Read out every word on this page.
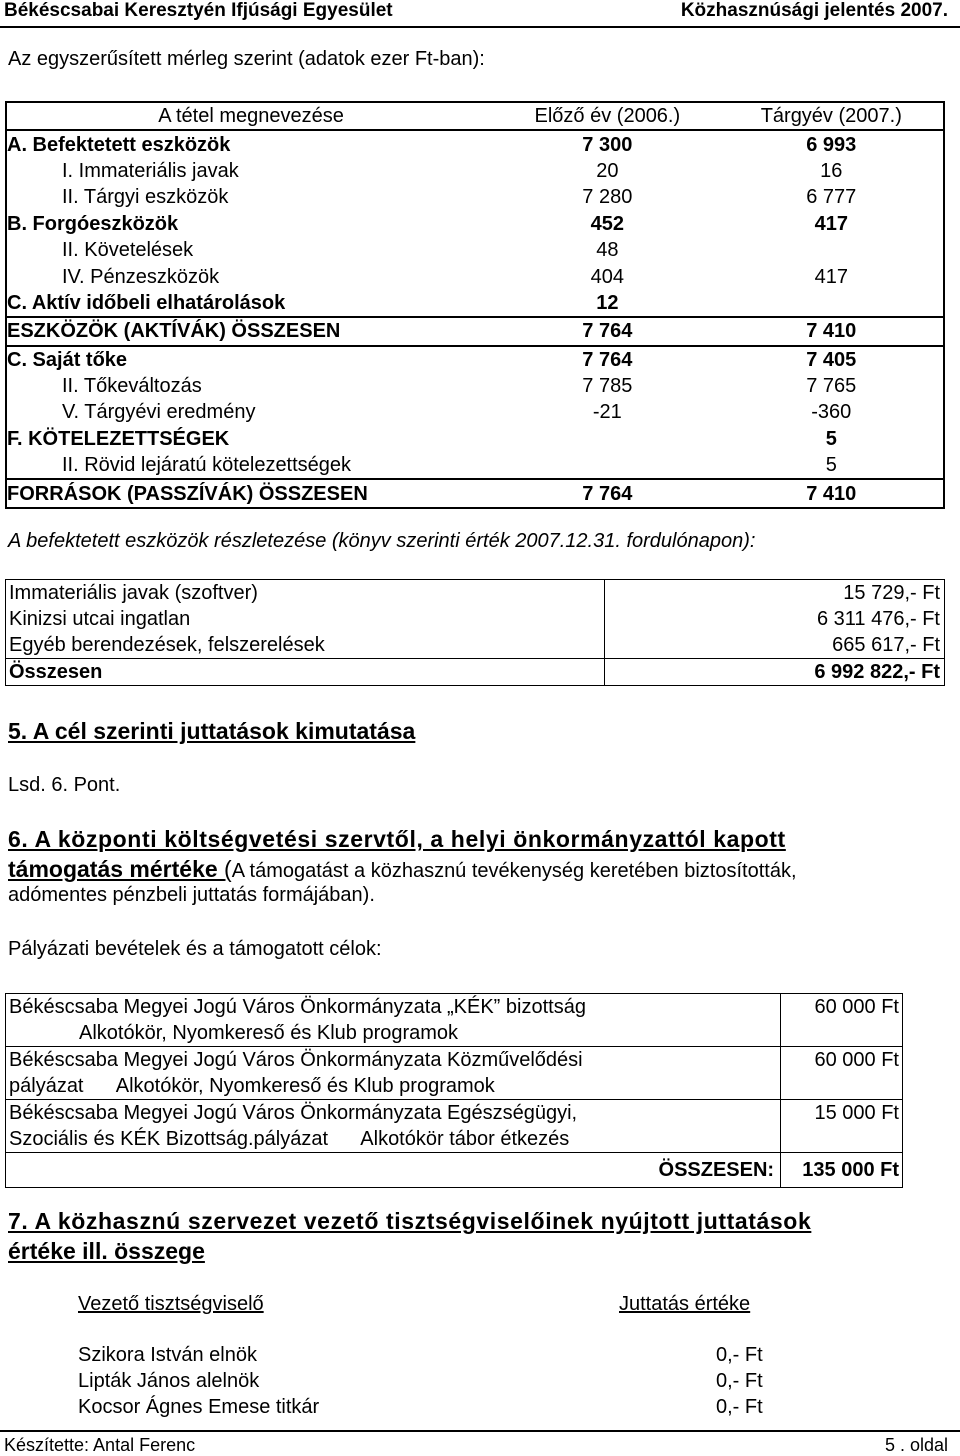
Békéscsabai Keresztyén Ifjúsági Egyesület	Közhasznúsági jelentés 2007.
Az egyszerűsített mérleg szerint (adatok ezer Ft-ban):
A tétel megnevezése	Előző év (2006.)	Tárgyév (2007.)
A. Befektetett eszközök	7 300	6 993
I. Immateriális javak	20	16
II. Tárgyi eszközök	7 280	6 777
B. Forgóeszközök	452	417
II. Követelések	48	
IV. Pénzeszközök	404	417
C. Aktív időbeli elhatárolások	12	
ESZKÖZÖK (AKTÍVÁK) ÖSSZESEN	7 764	7 410
C. Saját tőke	7 764	7 405
II. Tőkeváltozás	7 785	7 765
V. Tárgyévi eredmény	-21	-360
F. KÖTELEZETTSÉGEK		5
II. Rövid lejáratú kötelezettségek		5
FORRÁSOK (PASSZÍVÁK) ÖSSZESEN	7 764	7 410
A befektetett eszközök részletezése (könyv szerinti érték 2007.12.31. fordulónapon):
Immateriális javak (szoftver)	15 729,- Ft
Kinizsi utcai ingatlan	6 311 476,- Ft
Egyéb berendezések, felszerelések	665 617,- Ft
Összesen	6 992 822,- Ft
5. A cél szerinti juttatások kimutatása
Lsd. 6. Pont.
6. A központi költségvetési szervtől, a helyi önkormányzattól kapott
támogatás mértéke (A támogatást a közhasznú tevékenység keretében biztosították,
adómentes pénzbeli juttatás formájában).
Pályázati bevételek és a támogatott célok:
Békéscsaba Megyei Jogú Város Önkormányzata „KÉK” bizottság
Alkotókör, Nyomkereső és Klub programok	60 000 Ft

Békéscsaba Megyei Jogú Város Önkormányzata Közművelődési
pályázat      Alkotókör, Nyomkereső és Klub programok	60 000 Ft

Békéscsaba Megyei Jogú Város Önkormányzata Egészségügyi,
Szociális és KÉK Bizottság.pályázat      Alkotókör tábor étkezés	15 000 Ft
ÖSSZESEN:	135 000 Ft
7. A közhasznú szervezet vezető tisztségviselőinek nyújtott juttatások
értéke ill. összege
Vezető tisztségviselő	Juttatás értéke
Szikora István elnök	0,- Ft
Lipták János alelnök	0,- Ft
Kocsor Ágnes Emese titkár	0,- Ft
Készítette: Antal Ferenc	5 . oldal
